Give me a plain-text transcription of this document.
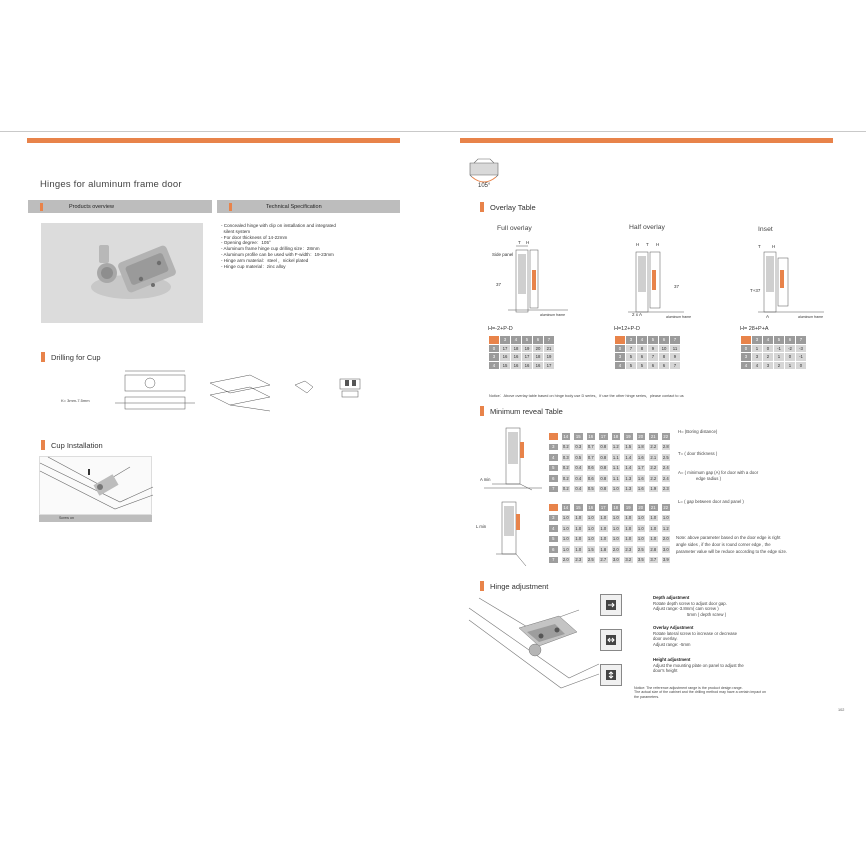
Hinges for aluminum frame door
Products overview	Technical Specification
- Concealed hinge with clip on installation and integrated
silent system
- For door thickness of 14-22mm
- Opening degree：105°
- Aluminum frame hinge cup drilling size：28mm
- Aluminum profile can be used with F-width：19-23mm
- Hinge arm material：steel ，nickel plated
- Hinge cup material：zinc alloy
Drilling for Cup
K= 3mm-7.5mm
Cup Installation
Screw on
105°
Overlay Table
Full overlay	Half overlay	Inset
Side panel
37
T H
aluminum frame
H T H
37
2 x A	aluminum frame
T	H
T+37
A	aluminum frame
H=-2+P-D	H=12+P-D	H= 28+P+A
	3	4	5	6	7
0	17	18	19	20	21
3	16	16	17	18	19
4	15	16	16	16	17
	3	4	5	6	7
0	7	8	9	10	11
3	5	6	7	8	9
4	5	5	6	6	7
	3	4	5	6	7
0	1	0	-1	-2	-3
3	3	2	1	0	-1
4	4	3	2	1	0
Notice：Above overlay table based on hinge body use D series，If use the other hinge series，please contact to us
Minimum reveal Table
A min
	14	15	16	17	18	19	20	21	22
3	0.2	0.3	0.7	0.8	1.2	1.5	1.8	2.2	2.8
4	0.3	0.5	0.7	0.8	1.1	1.4	1.6	2.1	2.5
5	0.2	0.4	0.6	0.8	1.1	1.4	1.7	2.2	2.4
6	0.2	0.4	0.6	0.8	1.1	1.3	1.6	2.2	2.4
7	0.2	0.4	0.5	0.8	1.0	1.3	1.6	1.9	2.3
L min
	14	15	16	17	18	19	20	21	22
3	1.0	1.0	1.0	1.0	1.0	1.0	1.0	1.0	1.0
4	1.0	1.0	1.0	1.0	1.0	1.0	1.0	1.0	1.2
5	1.0	1.0	1.0	1.0	1.0	1.0	1.0	1.0	2.0
6	1.0	1.0	1.5	1.8	2.0	2.3	2.5	2.8	3.0
7	2.0	2.3	2.5	2.7	3.0	3.2	3.5	3.7	3.9
H= (Boring distance)
T= ( door thickness )
A= ( minimum gap (A) for door with a door
edge radius )
L= ( gap between door and panel )
Note: above parameter based on the door edge is right
angle sides , if the door is round corner edge , the
parameter value will be reduce according to the edge size.
Hinge adjustment
Depth adjustment
Rotate depth screw to adjust door gap.
Adjust range:-3.8mm( cam screw )
5mm ( depth screw )
Overlay Adjustment
Rotate lateral screw to increase or decrease
door overlay.
Adjust range: -5mm
Height adjustment
Adjust the mounting plate on panel to adjust the
door's height
Notice: The reference adjustment range is the product design range.
The actual size of the cabinet and the drilling method may have a certain impact on
the parameters.
102
